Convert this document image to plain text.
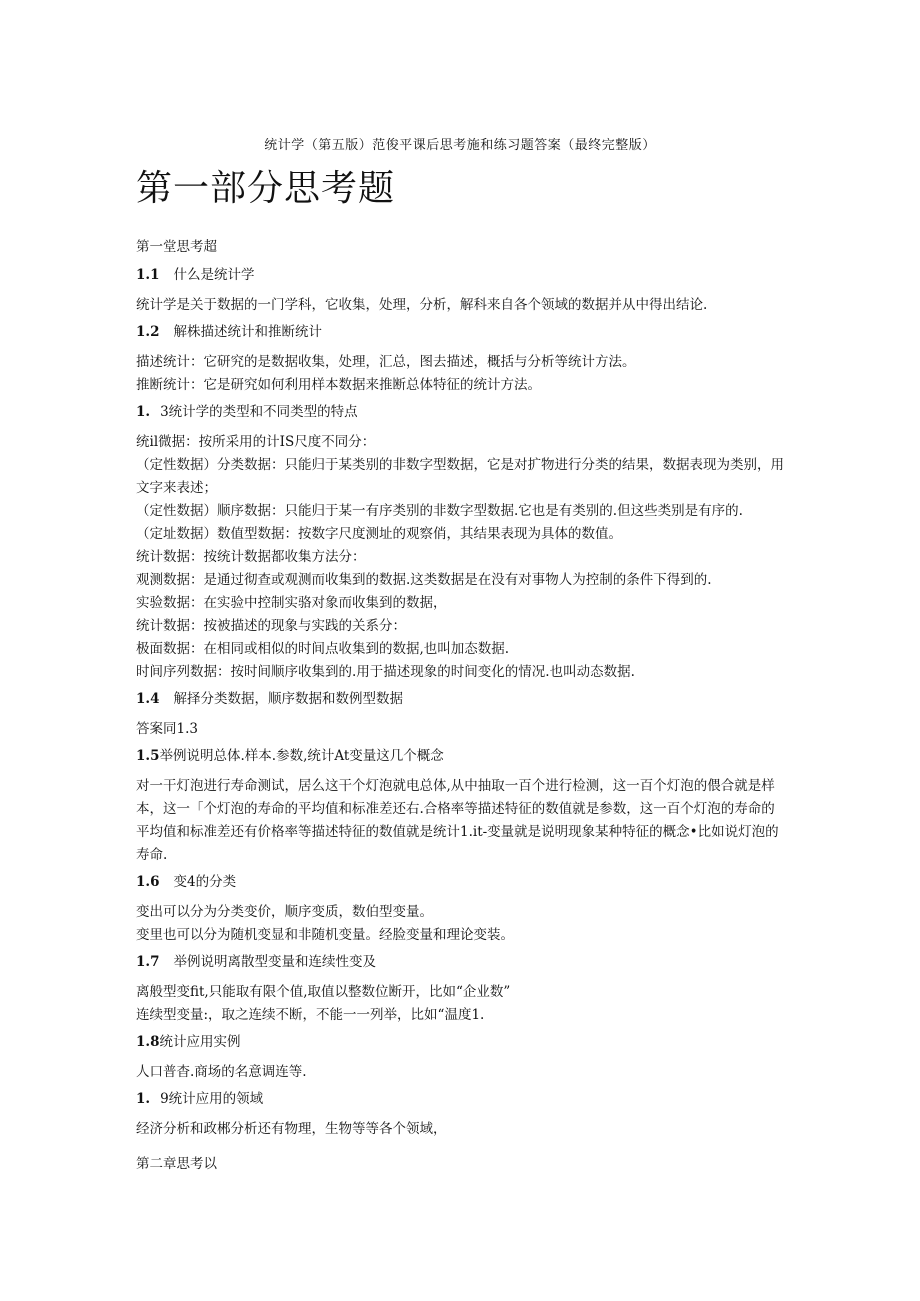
统计学（第五版）范俊平课后思考施和练习题答案（最终完整版）
第一部分思考题
第一堂思考超
1.1 什么是统计学
统计学是关于数据的一门学科，它收集，处理，分析，解科来自各个领域的数据并从中得出结论.
1.2 解株描述统计和推断统计
描述统计：它研究的是数据收集，处理，汇总，图去描述，概括与分析等统计方法。
推断统计：它是研究如何利用样本数据来推断总体特征的统计方法。
1. 3统计学的类型和不同类型的特点
统il微据：按所采用的计IS尺度不同分：
（定性数据）分类数据：只能归于某类别的非数字型数据，它是对扩物进行分类的结果，数据表现为类别，用文字来表述；
（定性数据）顺序数据：只能归于某一有序类别的非数字型数据.它也是有类别的.但这些类别是有序的.
（定址数据）数值型数据：按数字尺度测址的观察俏，其结果表现为具体的数值。
统计数据：按统计数据都收集方法分：
观测数据：是通过彻查或观测而收集到的数据.这类数据是在没有对事物人为控制的条件下得到的.
实验数据：在实验中控制实骆对象而收集到的数据，
统计数据：按被描述的现象与实践的关系分：
极面数据：在相同或相似的时间点收集到的数据,也叫加态数据.
时间序列数据：按时间顺序收集到的.用于描述现象的时间变化的情况.也叫动态数据.
1.4 解择分类数据，顺序数据和数例型数据
答案同1.3
1.5举例说明总体.样本.参数,统计At变量这几个概念
对一干灯泡进行寿命测试，居么这干个灯泡就电总体,从中抽取一百个进行检测，这一百个灯泡的偎合就是样本，这一「个灯泡的寿命的平均值和标准差还右.合格率等描述特征的数值就是参数，这一百个灯泡的寿命的平均值和标准差还有价格率等描述特征的数值就是统计1.it-变量就是说明现象某种特征的概念•比如说灯泡的寿命.
1.6 变4的分类
变出可以分为分类变价，顺序变质，数伯型变量。
变里也可以分为随机变显和非随机变量。经脸变量和理论变装。
1.7 举例说明离散型变量和连续性变及
离般型变fit,只能取有限个值,取值以整数位断开，比如“企业数”
连续型变量:，取之连续不断，不能一一列举，比如“温度1.
1.8统计应用实例
人口普杳.商场的名意调连等.
1. 9统计应用的领域
经济分析和政郴分析还有物理，生物等等各个领域，
第二章思考以
